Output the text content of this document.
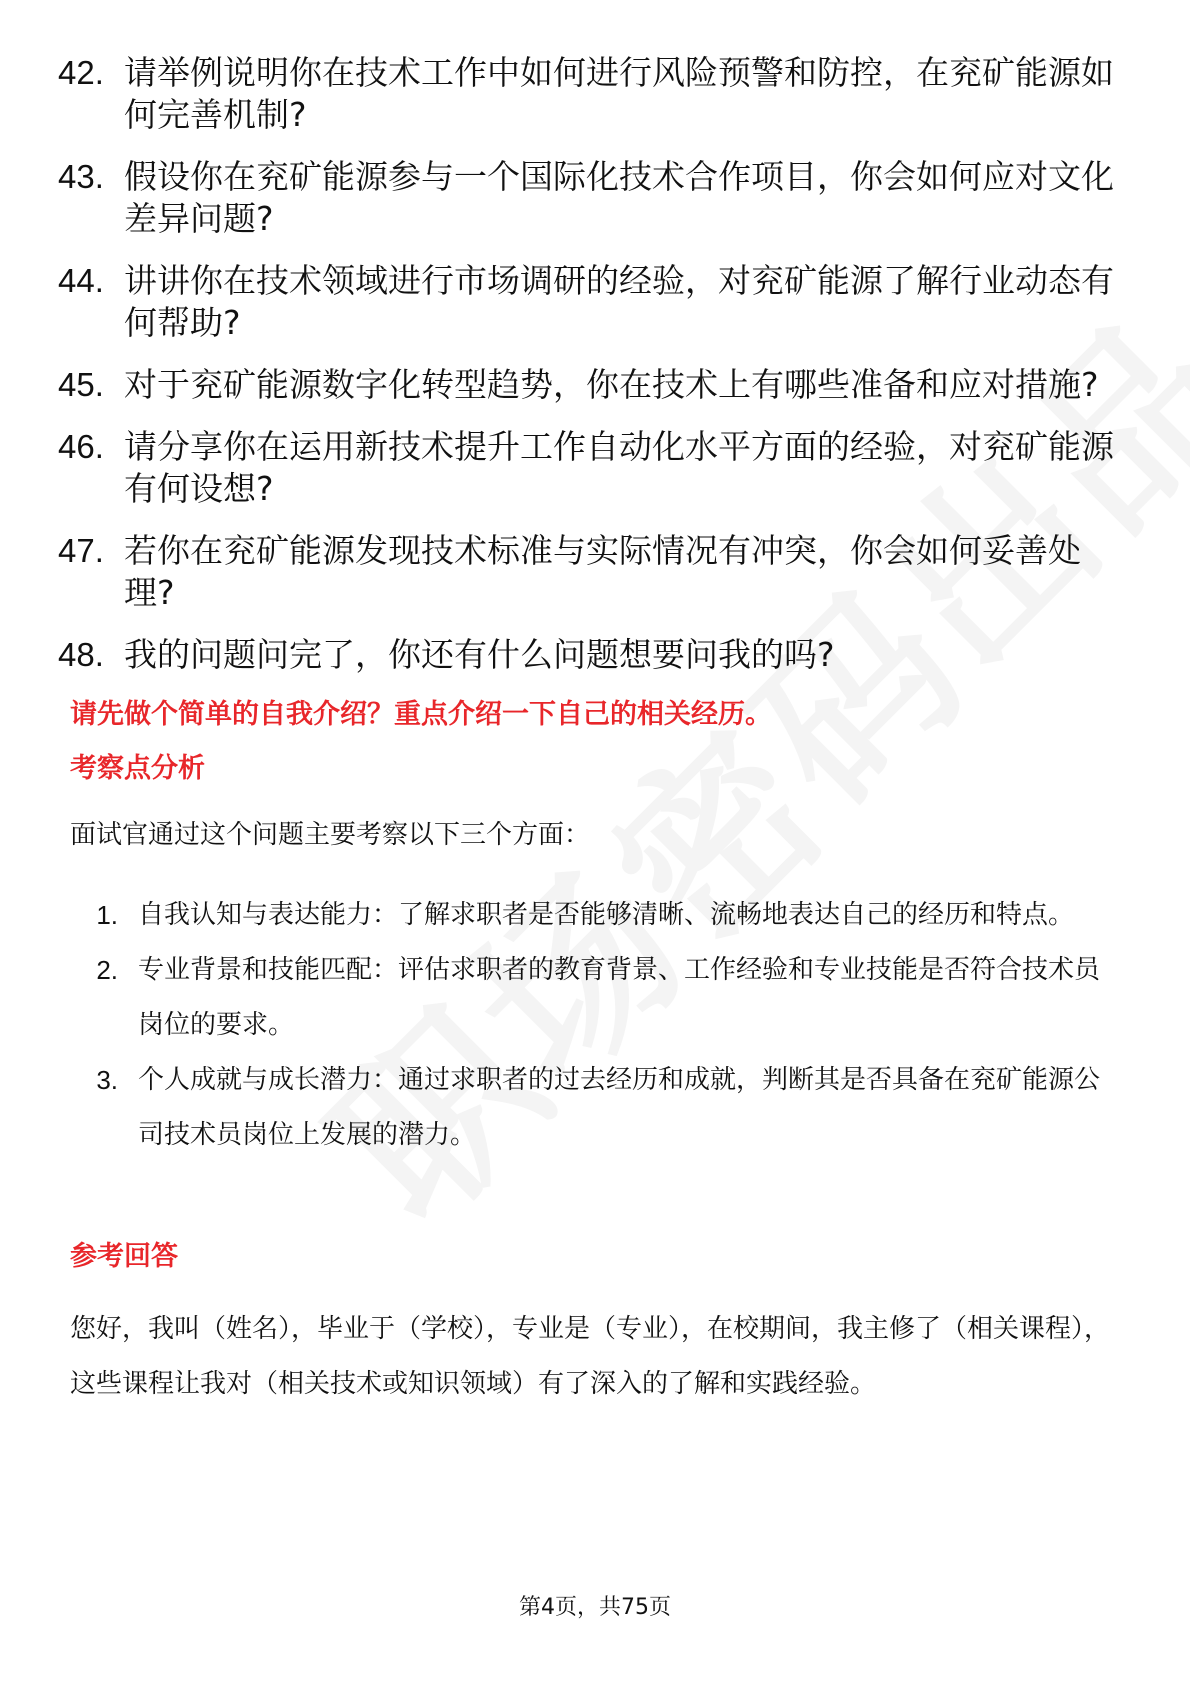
42. 请举例说明你在技术工作中如何进行风险预警和防控，在兖矿能源如何完善机制?
43. 假设你在兖矿能源参与一个国际化技术合作项目，你会如何应对文化差异问题?
44. 讲讲你在技术领域进行市场调研的经验，对兖矿能源了解行业动态有何帮助?
45. 对于兖矿能源数字化转型趋势，你在技术上有哪些准备和应对措施?
46. 请分享你在运用新技术提升工作自动化水平方面的经验，对兖矿能源有何设想?
47. 若你在兖矿能源发现技术标准与实际情况有冲突，你会如何妥善处理?
48. 我的问题问完了，你还有什么问题想要问我的吗?

请先做个简单的自我介绍？重点介绍一下自己的相关经历。

考察点分析

面试官通过这个问题主要考察以下三个方面：

1. 自我认知与表达能力：了解求职者是否能够清晰、流畅地表达自己的经历和特点。
2. 专业背景和技能匹配：评估求职者的教育背景、工作经验和专业技能是否符合技术员岗位的要求。
3. 个人成就与成长潜力：通过求职者的过去经历和成就，判断其是否具备在兖矿能源公司技术员岗位上发展的潜力。

参考回答

您好，我叫（姓名），毕业于（学校），专业是（专业），在校期间，我主修了（相关课程），这些课程让我对（相关技术或知识领域）有了深入的了解和实践经验。

第4页，共75页
